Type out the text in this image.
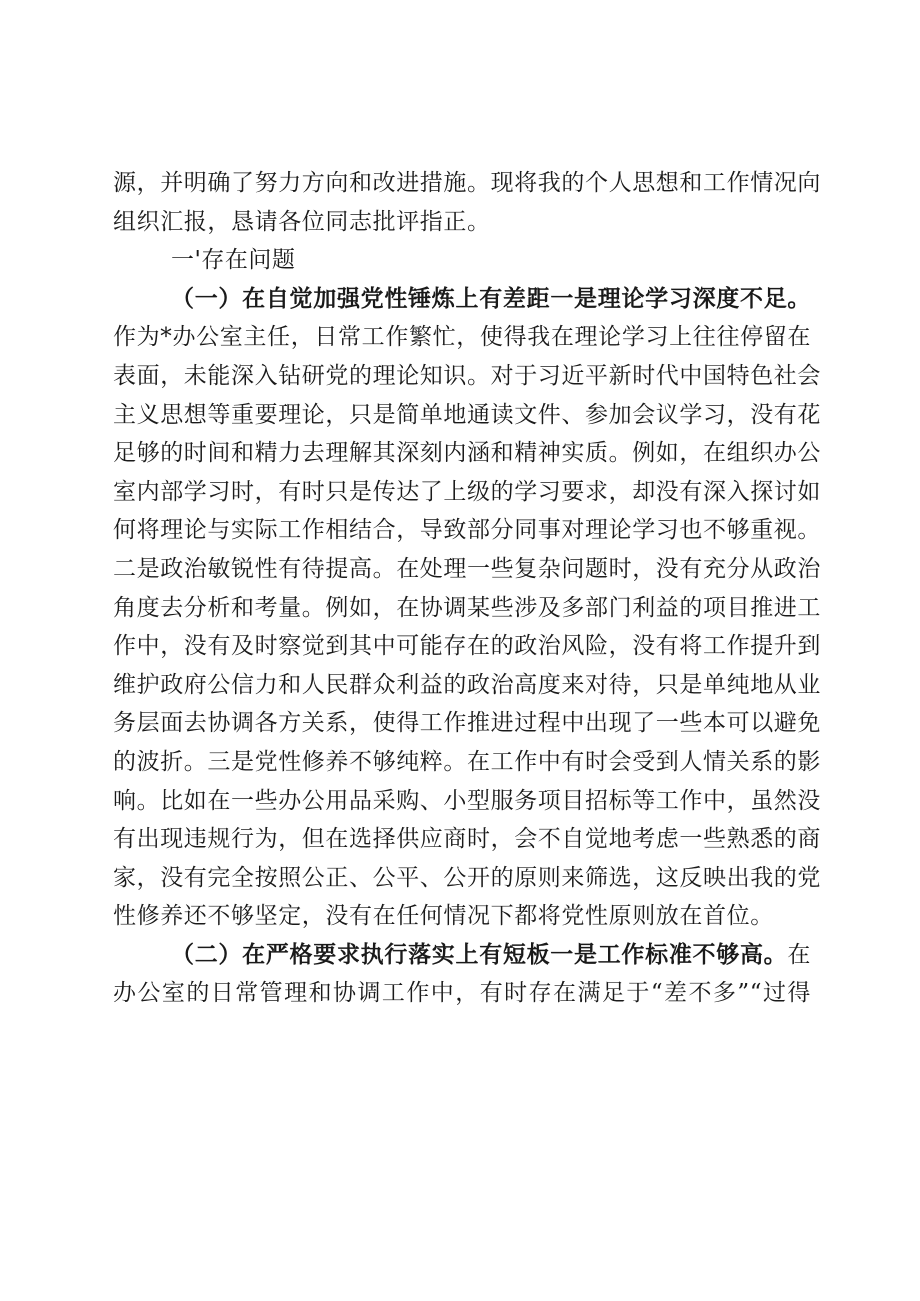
源，并明确了努力方向和改进措施。现将我的个人思想和工作情况向
组织汇报，恳请各位同志批评指正。
一'存在问题
（一）在自觉加强党性锤炼上有差距一是理论学习深度不足。
作为*办公室主任，日常工作繁忙，使得我在理论学习上往往停留在
表面，未能深入钻研党的理论知识。对于习近平新时代中国特色社会
主义思想等重要理论，只是简单地通读文件、参加会议学习，没有花
足够的时间和精力去理解其深刻内涵和精神实质。例如，在组织办公
室内部学习时，有时只是传达了上级的学习要求，却没有深入探讨如
何将理论与实际工作相结合，导致部分同事对理论学习也不够重视。
二是政治敏锐性有待提高。在处理一些复杂问题时，没有充分从政治
角度去分析和考量。例如，在协调某些涉及多部门利益的项目推进工
作中，没有及时察觉到其中可能存在的政治风险，没有将工作提升到
维护政府公信力和人民群众利益的政治高度来对待，只是单纯地从业
务层面去协调各方关系，使得工作推进过程中出现了一些本可以避免
的波折。三是党性修养不够纯粹。在工作中有时会受到人情关系的影
响。比如在一些办公用品采购、小型服务项目招标等工作中，虽然没
有出现违规行为，但在选择供应商时，会不自觉地考虑一些熟悉的商
家，没有完全按照公正、公平、公开的原则来筛选，这反映出我的党
性修养还不够坚定，没有在任何情况下都将党性原则放在首位。
（二）在严格要求执行落实上有短板一是工作标准不够高。在
办公室的日常管理和协调工作中，有时存在满足于“差不多”“过得
